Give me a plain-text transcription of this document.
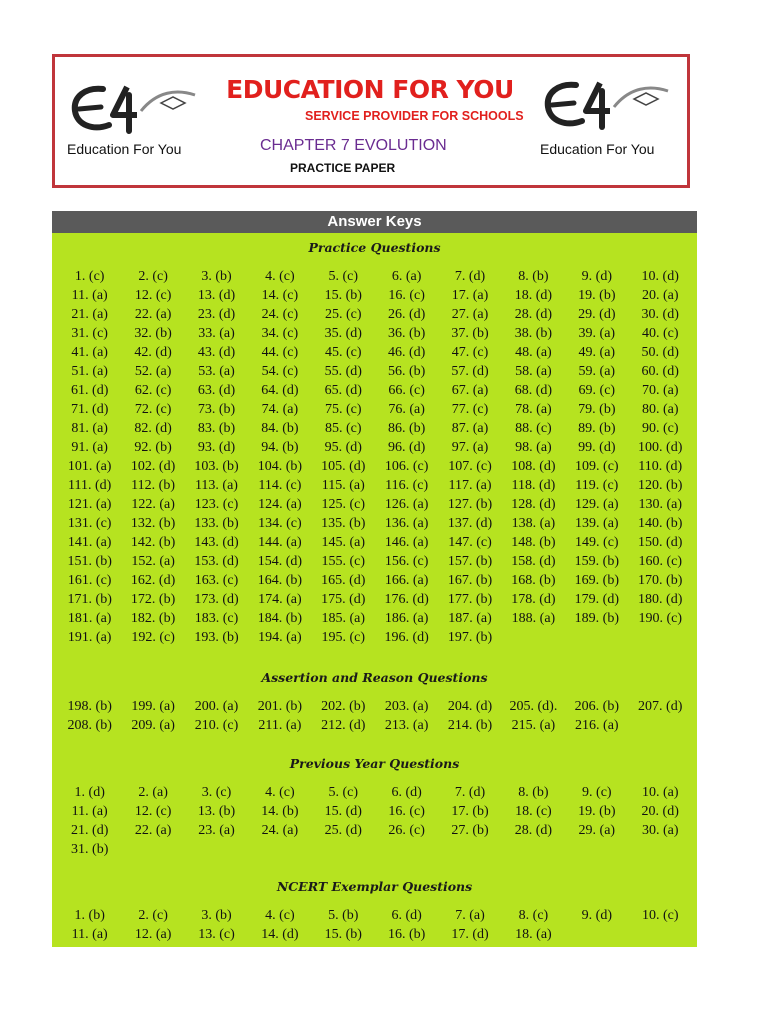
Education For You
EDUCATION FOR YOU
SERVICE PROVIDER FOR SCHOOLS
CHAPTER 7 EVOLUTION
PRACTICE PAPER
Education For You
Answer Keys
Practice Questions
1. (c)	2. (c)	3. (b)	4. (c)	5. (c)	6. (a)	7. (d)	8. (b)	9. (d)	10. (d)
11. (a)	12. (c)	13. (d)	14. (c)	15. (b)	16. (c)	17. (a)	18. (d)	19. (b)	20. (a)
21. (a)	22. (a)	23. (d)	24. (c)	25. (c)	26. (d)	27. (a)	28. (d)	29. (d)	30. (d)
31. (c)	32. (b)	33. (a)	34. (c)	35. (d)	36. (b)	37. (b)	38. (b)	39. (a)	40. (c)
41. (a)	42. (d)	43. (d)	44. (c)	45. (c)	46. (d)	47. (c)	48. (a)	49. (a)	50. (d)
51. (a)	52. (a)	53. (a)	54. (c)	55. (d)	56. (b)	57. (d)	58. (a)	59. (a)	60. (d)
61. (d)	62. (c)	63. (d)	64. (d)	65. (d)	66. (c)	67. (a)	68. (d)	69. (c)	70. (a)
71. (d)	72. (c)	73. (b)	74. (a)	75. (c)	76. (a)	77. (c)	78. (a)	79. (b)	80. (a)
81. (a)	82. (d)	83. (b)	84. (b)	85. (c)	86. (b)	87. (a)	88. (c)	89. (b)	90. (c)
91. (a)	92. (b)	93. (d)	94. (b)	95. (d)	96. (d)	97. (a)	98. (a)	99. (d)	100. (d)
101. (a)	102. (d)	103. (b)	104. (b)	105. (d)	106. (c)	107. (c)	108. (d)	109. (c)	110. (d)
111. (d)	112. (b)	113. (a)	114. (c)	115. (a)	116. (c)	117. (a)	118. (d)	119. (c)	120. (b)
121. (a)	122. (a)	123. (c)	124. (a)	125. (c)	126. (a)	127. (b)	128. (d)	129. (a)	130. (a)
131. (c)	132. (b)	133. (b)	134. (c)	135. (b)	136. (a)	137. (d)	138. (a)	139. (a)	140. (b)
141. (a)	142. (b)	143. (d)	144. (a)	145. (a)	146. (a)	147. (c)	148. (b)	149. (c)	150. (d)
151. (b)	152. (a)	153. (d)	154. (d)	155. (c)	156. (c)	157. (b)	158. (d)	159. (b)	160. (c)
161. (c)	162. (d)	163. (c)	164. (b)	165. (d)	166. (a)	167. (b)	168. (b)	169. (b)	170. (b)
171. (b)	172. (b)	173. (d)	174. (a)	175. (d)	176. (d)	177. (b)	178. (d)	179. (d)	180. (d)
181. (a)	182. (b)	183. (c)	184. (b)	185. (a)	186. (a)	187. (a)	188. (a)	189. (b)	190. (c)
191. (a)	192. (c)	193. (b)	194. (a)	195. (c)	196. (d)	197. (b)
Assertion and Reason Questions
198. (b)	199. (a)	200. (a)	201. (b)	202. (b)	203. (a)	204. (d)	205. (d).	206. (b)	207. (d)
208. (b)	209. (a)	210. (c)	211. (a)	212. (d)	213. (a)	214. (b)	215. (a)	216. (a)
Previous Year Questions
1. (d)	2. (a)	3. (c)	4. (c)	5. (c)	6. (d)	7. (d)	8. (b)	9. (c)	10. (a)
11. (a)	12. (c)	13. (b)	14. (b)	15. (d)	16. (c)	17. (b)	18. (c)	19. (b)	20. (d)
21. (d)	22. (a)	23. (a)	24. (a)	25. (d)	26. (c)	27. (b)	28. (d)	29. (a)	30. (a)
31. (b)
NCERT Exemplar Questions
1. (b)	2. (c)	3. (b)	4. (c)	5. (b)	6. (d)	7. (a)	8. (c)	9. (d)	10. (c)
11. (a)	12. (a)	13. (c)	14. (d)	15. (b)	16. (b)	17. (d)	18. (a)
